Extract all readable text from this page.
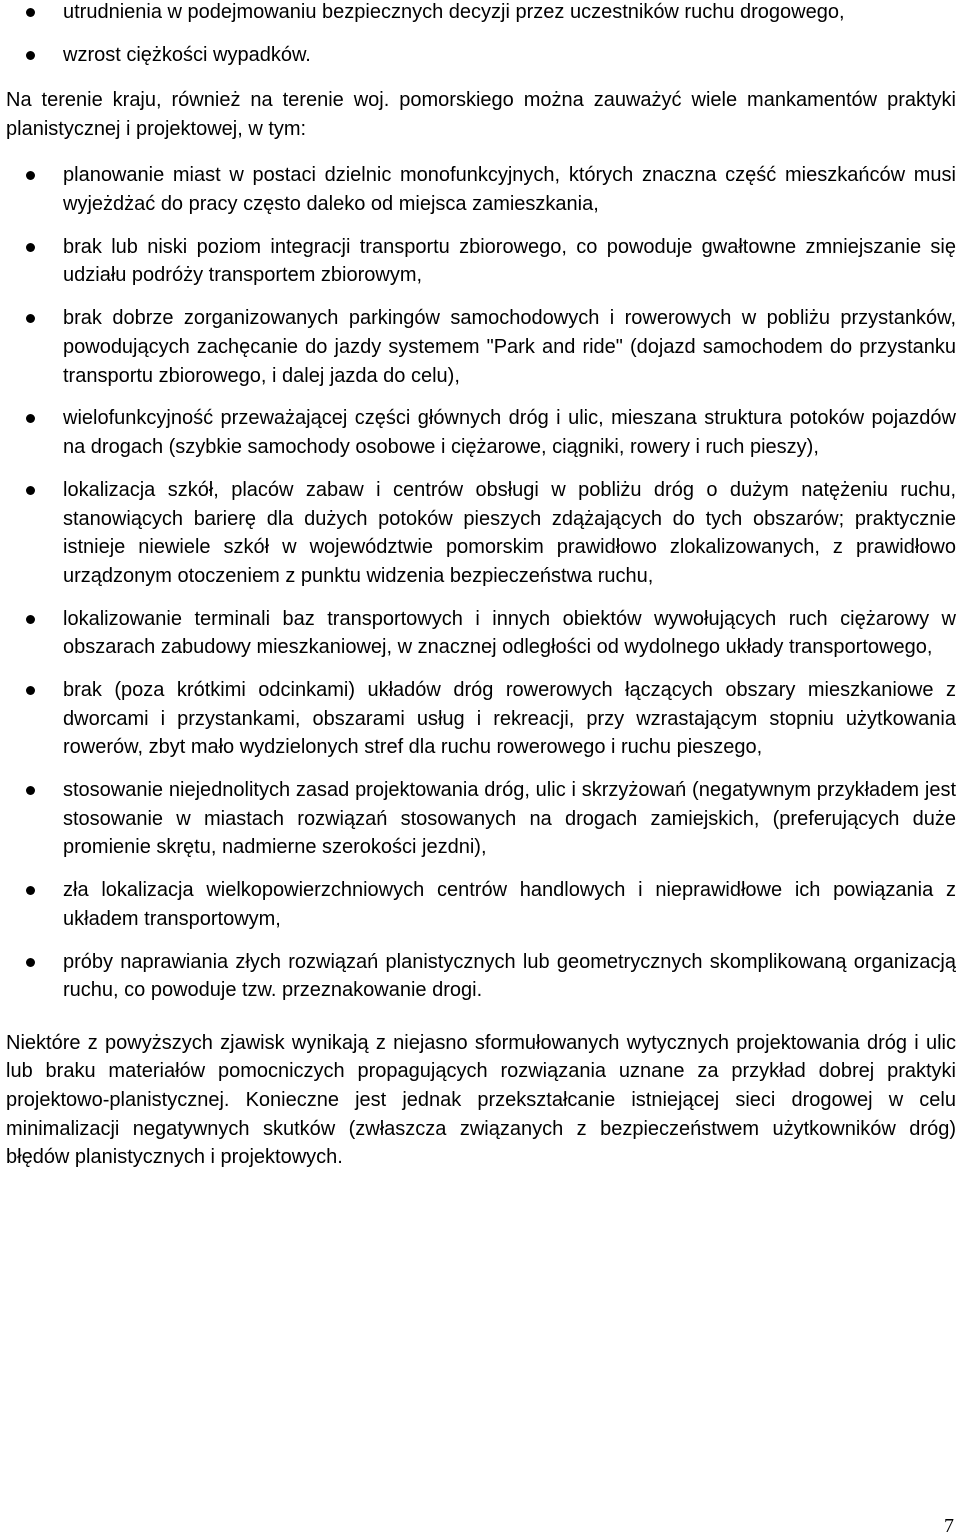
utrudnienia w podejmowaniu bezpiecznych decyzji przez uczestników ruchu drogowego,
wzrost ciężkości wypadków.

Na terenie kraju, również na terenie woj. pomorskiego można zauważyć wiele mankamentów praktyki planistycznej i projektowej, w tym:

planowanie miast w postaci dzielnic monofunkcyjnych, których znaczna część mieszkańców musi wyjeżdżać do pracy często daleko od miejsca zamieszkania,
brak lub niski poziom integracji transportu zbiorowego, co powoduje gwałtowne zmniejszanie się udziału podróży transportem zbiorowym,
brak dobrze zorganizowanych parkingów samochodowych i rowerowych w pobliżu przystanków, powodujących zachęcanie do jazdy systemem "Park and ride" (dojazd samochodem do przystanku transportu zbiorowego, i dalej jazda do celu),
wielofunkcyjność przeważającej części głównych dróg i ulic, mieszana struktura potoków pojazdów na drogach (szybkie samochody osobowe i ciężarowe, ciągniki, rowery i ruch pieszy),
lokalizacja szkół, placów zabaw i centrów obsługi w pobliżu dróg o dużym natężeniu ruchu, stanowiących barierę dla dużych potoków pieszych zdążających do tych obszarów; praktycznie istnieje niewiele szkół w województwie pomorskim prawidłowo zlokalizowanych, z prawidłowo urządzonym otoczeniem z punktu widzenia bezpieczeństwa ruchu,
lokalizowanie terminali baz transportowych i innych obiektów wywołujących ruch ciężarowy w obszarach zabudowy mieszkaniowej, w znacznej odległości od wydolnego układy transportowego,
brak (poza krótkimi odcinkami) układów dróg rowerowych łączących obszary mieszkaniowe z dworcami i przystankami, obszarami usług i rekreacji, przy wzrastającym stopniu użytkowania rowerów, zbyt mało wydzielonych stref dla ruchu rowerowego i ruchu pieszego,
stosowanie niejednolitych zasad projektowania dróg, ulic i skrzyżowań (negatywnym przykładem jest stosowanie w miastach rozwiązań stosowanych na drogach zamiejskich, (preferujących duże promienie skrętu, nadmierne szerokości jezdni),
zła lokalizacja wielkopowierzchniowych centrów handlowych i nieprawidłowe ich powiązania z układem transportowym,
próby naprawiania złych rozwiązań planistycznych lub geometrycznych skomplikowaną organizacją ruchu, co powoduje tzw. przeznakowanie drogi.

Niektóre z powyższych zjawisk wynikają z niejasno sformułowanych wytycznych projektowania dróg i ulic lub braku materiałów pomocniczych propagujących rozwiązania uznane za przykład dobrej praktyki projektowo-planistycznej. Konieczne jest jednak przekształcanie istniejącej sieci drogowej w celu minimalizacji negatywnych skutków (zwłaszcza związanych z bezpieczeństwem użytkowników dróg) błędów planistycznych i projektowych.

7
